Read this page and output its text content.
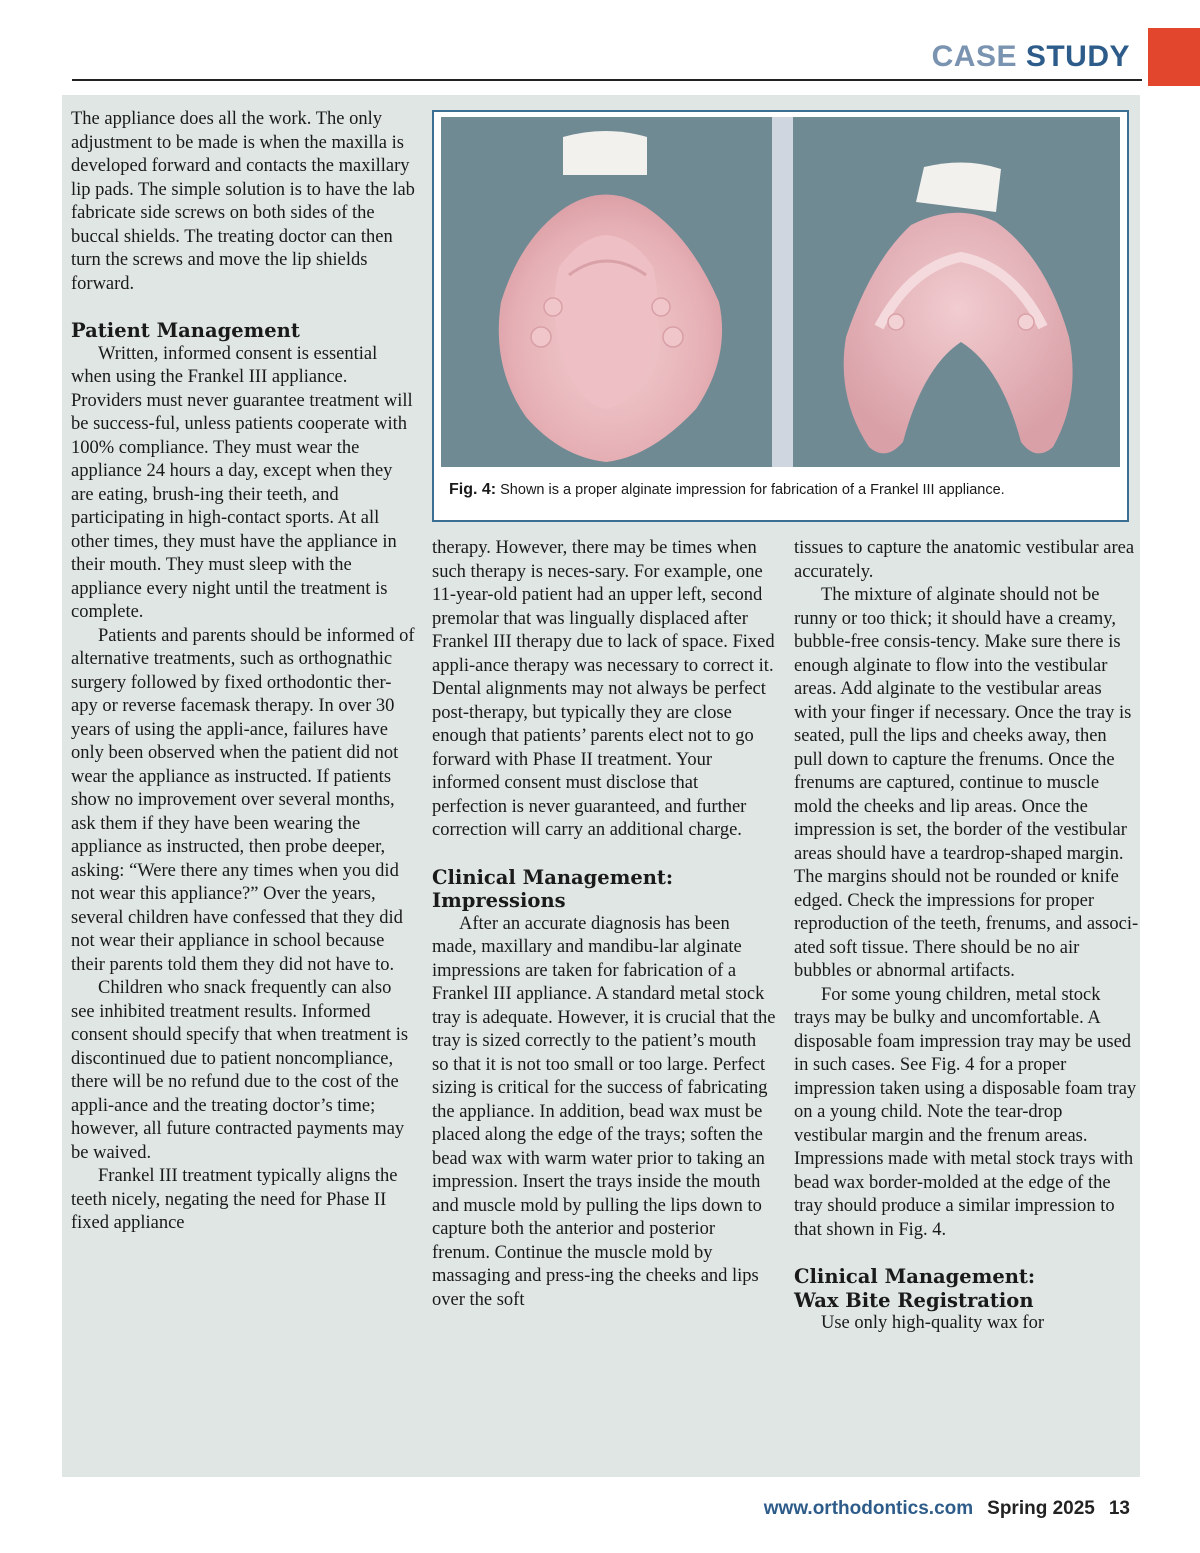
CASE STUDY
Fig. 4: Shown is a proper alginate impression for fabrication of a Frankel III appliance.

The appliance does all the work. The only adjustment to be made is when the maxilla is developed forward and contacts the maxillary lip pads. The simple solution is to have the lab fabricate side screws on both sides of the buccal shields. The treating doctor can then turn the screws and move the lip shields forward.

Patient Management

Written, informed consent is essential when using the Frankel III appliance. Providers must never guarantee treatment will be success-ful, unless patients cooperate with 100% compliance. They must wear the appliance 24 hours a day, except when they are eating, brush-ing their teeth, and participating in high-contact sports. At all other times, they must have the appliance in their mouth. They must sleep with the appliance every night until the treatment is complete.

Patients and parents should be informed of alternative treatments, such as orthognathic surgery followed by fixed orthodontic ther-apy or reverse facemask therapy. In over 30 years of using the appli-ance, failures have only been observed when the patient did not wear the appliance as instructed. If patients show no improvement over several months, ask them if they have been wearing the appliance as instructed, then probe deeper, asking: “Were there any times when you did not wear this appliance?” Over the years, several children have confessed that they did not wear their appliance in school because their parents told them they did not have to.

Children who snack frequently can also see inhibited treatment results. Informed consent should specify that when treatment is discontinued due to patient noncompliance, there will be no refund due to the cost of the appli-ance and the treating doctor’s time; however, all future contracted payments may be waived.

Frankel III treatment typically aligns the teeth nicely, negating the need for Phase II fixed appliance

therapy. However, there may be times when such therapy is neces-sary. For example, one 11-year-old patient had an upper left, second premolar that was lingually displaced after Frankel III therapy due to lack of space. Fixed appli-ance therapy was necessary to correct it. Dental alignments may not always be perfect post-therapy, but typically they are close enough that patients’ parents elect not to go forward with Phase II treatment. Your informed consent must disclose that perfection is never guaranteed, and further correction will carry an additional charge.

Clinical Management:
Impressions

After an accurate diagnosis has been made, maxillary and mandibu-lar alginate impressions are taken for fabrication of a Frankel III appliance. A standard metal stock tray is adequate. However, it is crucial that the tray is sized correctly to the patient’s mouth so that it is not too small or too large. Perfect sizing is critical for the success of fabricating the appliance. In addition, bead wax must be placed along the edge of the trays; soften the bead wax with warm water prior to taking an impression. Insert the trays inside the mouth and muscle mold by pulling the lips down to capture both the anterior and posterior frenum. Continue the muscle mold by massaging and press-ing the cheeks and lips over the soft

tissues to capture the anatomic vestibular area accurately.

The mixture of alginate should not be runny or too thick; it should have a creamy, bubble-free consis-tency. Make sure there is enough alginate to flow into the vestibular areas. Add alginate to the vestibular areas with your finger if necessary. Once the tray is seated, pull the lips and cheeks away, then pull down to capture the frenums. Once the frenums are captured, continue to muscle mold the cheeks and lip areas. Once the impression is set, the border of the vestibular areas should have a teardrop-shaped margin. The margins should not be rounded or knife edged. Check the impressions for proper reproduction of the teeth, frenums, and associ-ated soft tissue. There should be no air bubbles or abnormal artifacts.

For some young children, metal stock trays may be bulky and uncomfortable. A disposable foam impression tray may be used in such cases. See Fig. 4 for a proper impression taken using a disposable foam tray on a young child. Note the tear-drop vestibular margin and the frenum areas. Impressions made with metal stock trays with bead wax border-molded at the edge of the tray should produce a similar impression to that shown in Fig. 4.

Clinical Management:
Wax Bite Registration

Use only high-quality wax for

www.orthodontics.com Spring 2025 13
